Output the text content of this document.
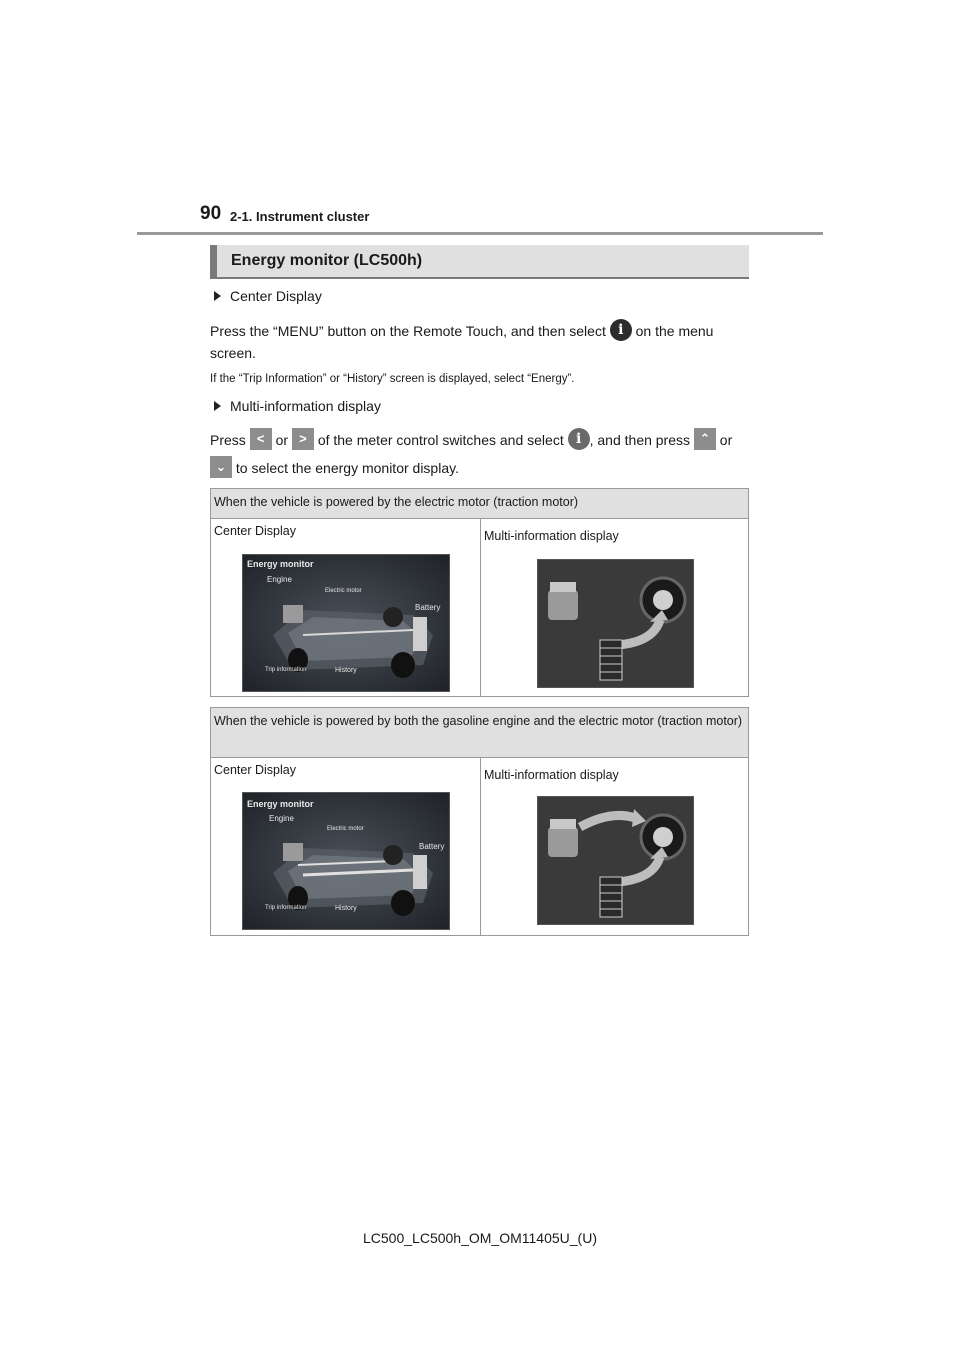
90 2-1. Instrument cluster
Energy monitor (LC500h)
Center Display
Press the “MENU” button on the Remote Touch, and then select i on the menu
screen.
If the “Trip Information” or “History” screen is displayed, select “Energy”.
Multi-information display
Press < or > of the meter control switches and select i , and then press ⌃ or
⌄ to select the energy monitor display.
When the vehicle is powered by the electric motor (traction motor)
Center Display	Multi-information display
Energy monitor
Engine
Electric motor
Battery
Trip information	History
When the vehicle is powered by both the gasoline engine and the electric motor (traction motor)
Center Display	Multi-information display
Energy monitor
Engine
Electric motor
Battery
Trip information	History
LC500_LC500h_OM_OM11405U_(U)
